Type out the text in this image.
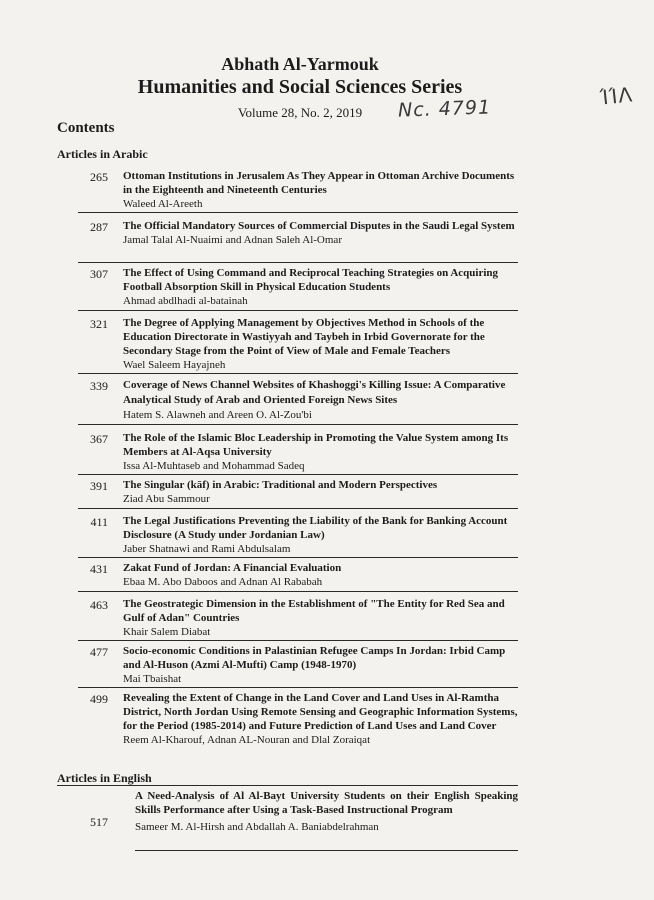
Abhath Al-Yarmouk
Humanities and Social Sciences Series
Volume 28, No. 2, 2019	Nc. 4791	ΊΊΛ
Contents
Articles in Arabic
265 Ottoman Institutions in Jerusalem As They Appear in Ottoman Archive Documents in the Eighteenth and Nineteenth Centuries
Waleed Al-Areeth
287 The Official Mandatory Sources of Commercial Disputes in the Saudi Legal System
Jamal Talal Al-Nuaimi and Adnan Saleh Al-Omar
307 The Effect of Using Command and Reciprocal Teaching Strategies on Acquiring Football Absorption Skill in Physical Education Students
Ahmad abdlhadi al-batainah
321 The Degree of Applying Management by Objectives Method in Schools of the Education Directorate in Wastiyyah and Taybeh in Irbid Governorate for the Secondary Stage from the Point of View of Male and Female Teachers
Wael Saleem Hayajneh
339 Coverage of News Channel Websites of Khashoggi's Killing Issue: A Comparative Analytical Study of Arab and Oriented Foreign News Sites
Hatem S. Alawneh and Areen O. Al-Zou'bi
367 The Role of the Islamic Bloc Leadership in Promoting the Value System among Its Members at Al-Aqsa University
Issa Al-Muhtaseb and Mohammad Sadeq
391 The Singular (kāf) in Arabic: Traditional and Modern Perspectives
Ziad Abu Sammour
411 The Legal Justifications Preventing the Liability of the Bank for Banking Account Disclosure (A Study under Jordanian Law)
Jaber Shatnawi and Rami Abdulsalam
431 Zakat Fund of Jordan: A Financial Evaluation
Ebaa M. Abo Daboos and Adnan Al Rababah
463 The Geostrategic Dimension in the Establishment of "The Entity for Red Sea and Gulf of Adan" Countries
Khair Salem Diabat
477 Socio-economic Conditions in Palastinian Refugee Camps In Jordan: Irbid Camp and Al-Huson (Azmi Al-Mufti) Camp (1948-1970)
Mai Tbaishat
499 Revealing the Extent of Change in the Land Cover and Land Uses in Al-Ramtha District, North Jordan Using Remote Sensing and Geographic Information Systems, for the Period (1985-2014) and Future Prediction of Land Uses and Land Cover
Reem Al-Kharouf, Adnan AL-Nouran and Dlal Zoraiqat
Articles in English
517
A Need-Analysis of Al Al-Bayt University Students on their English Speaking Skills Performance after Using a Task-Based Instructional Program
Sameer M. Al-Hirsh and Abdallah A. Baniabdelrahman
